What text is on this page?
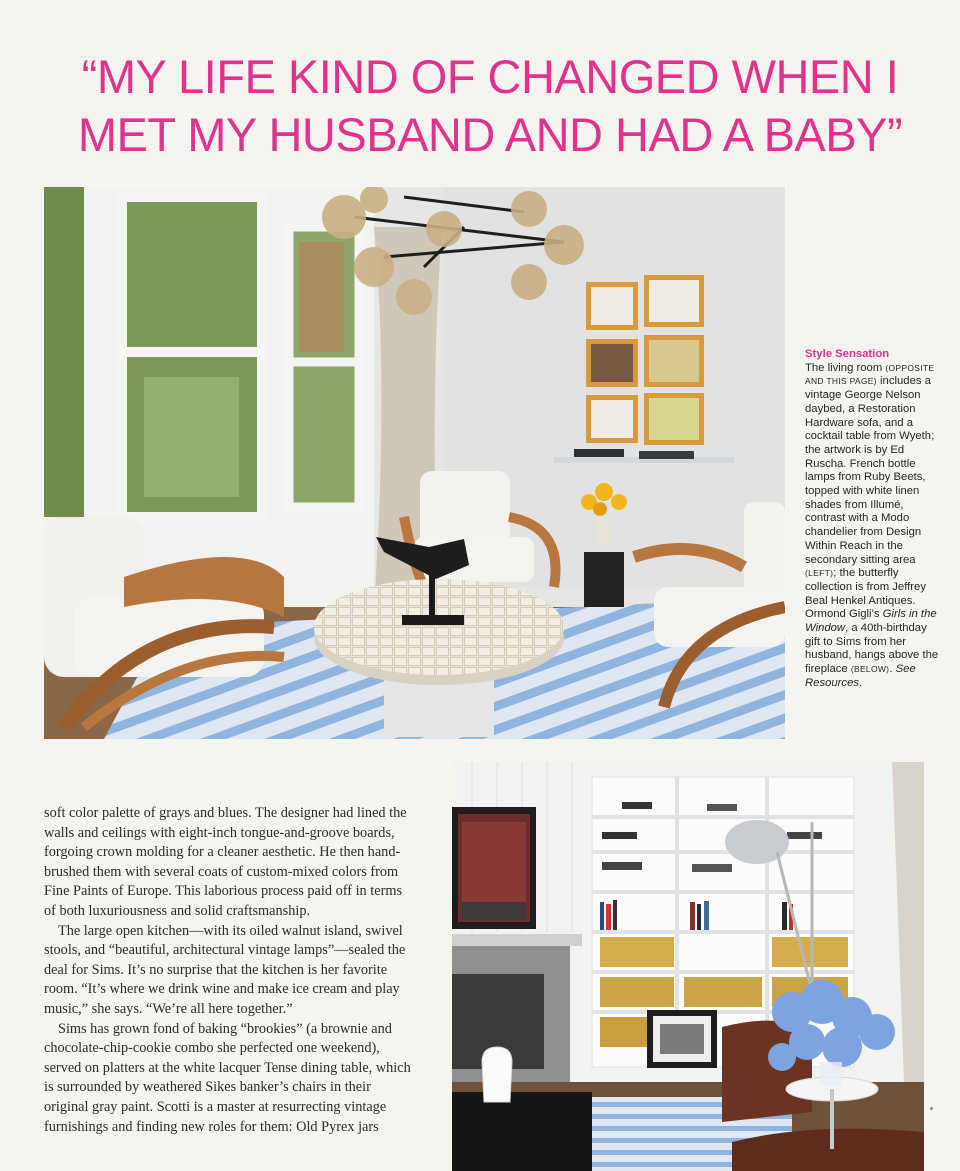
“MY LIFE KIND OF CHANGED WHEN I
MET MY HUSBAND AND HAD A BABY”
Style Sensation
The living room (OPPOSITE AND THIS PAGE) includes a vintage George Nelson daybed, a Restoration Hardware sofa, and a cocktail table from Wyeth; the artwork is by Ed Ruscha. French bottle lamps from Ruby Beets, topped with white linen shades from Illumé, contrast with a Modo chandelier from Design Within Reach in the secondary sitting area (LEFT); the butterfly collection is from Jeffrey Beal Henkel Antiques. Ormond Gigli’s Girls in the Window, a 40th-birthday gift to Sims from her husband, hangs above the fireplace (BELOW). See Resources.

soft color palette of grays and blues. The designer had lined the walls and ceilings with eight-inch tongue-and-groove boards, forgoing crown molding for a cleaner aesthetic. He then hand-brushed them with several coats of custom-mixed colors from Fine Paints of Europe. This laborious process paid off in terms of both luxuriousness and solid craftsmanship.

The large open kitchen—with its oiled walnut island, swivel stools, and “beautiful, architectural vintage lamps”—sealed the deal for Sims. It’s no surprise that the kitchen is her favorite room. “It’s where we drink wine and make ice cream and play music,” she says. “We’re all here together.”

Sims has grown fond of baking “brookies” (a brownie and chocolate-chip-cookie combo she perfected one weekend), served on platters at the white lacquer Tense dining table, which is surrounded by weathered Sikes banker’s chairs in their original gray paint. Scotti is a master at resurrecting vintage furnishings and finding new roles for them: Old Pyrex jars
